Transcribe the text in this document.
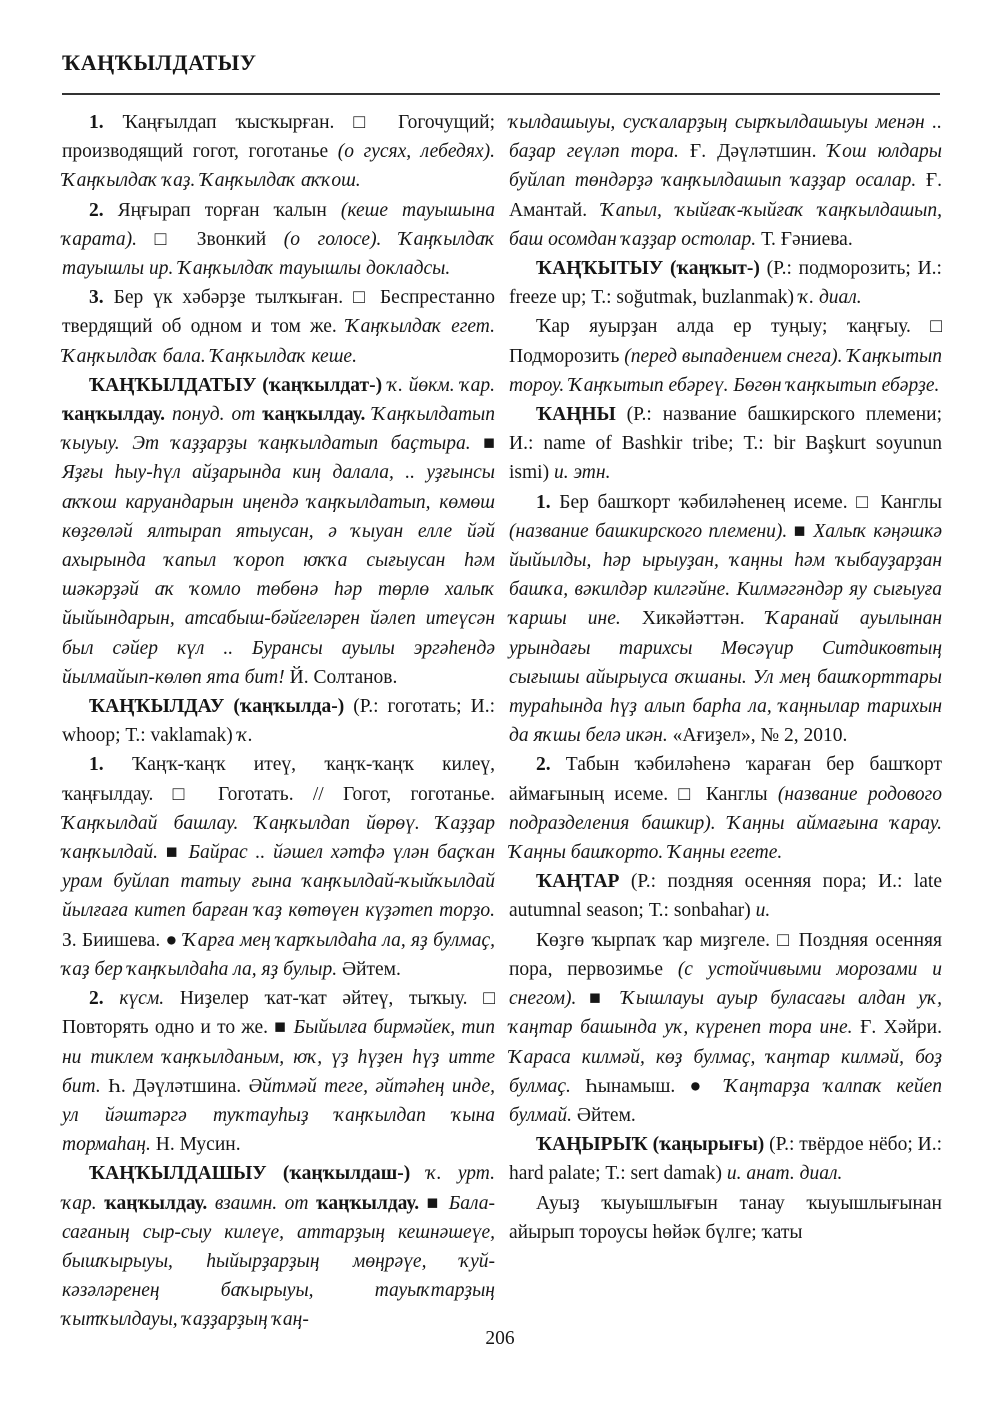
ҠАҢҠЫЛДАТЫУ

1. Ҡаңғылдап ҡысҡырған. □ Гогочущий; производящий гогот, гоготанье (о гусях, лебедях). Ҡаңҡылдаҡ ҡаҙ. Ҡаңҡылдаҡ аҡҡош.

2. Яңғырап торған ҡалын (кеше тауышына ҡарата). □ Звонкий (о голосе). Ҡаңҡылдаҡ тауышлы ир. Ҡаңҡылдаҡ тауышлы докладсы.

3. Бер үк хәбәрҙе тылҡыған. □ Беспрестанно твердящий об одном и том же. Ҡаңҡылдаҡ егет. Ҡаңҡылдаҡ бала. Ҡаңҡылдаҡ кеше.

ҠАҢҠЫЛДАТЫУ (ҡаңҡылдат-) ҡ. йөкм. ҡар. ҡаңҡылдау. понуд. от ҡаңҡылдау. Ҡаңҡылдатып ҡыуыу. Эт ҡаҙҙарҙы ҡаңҡылдатып баҫтыра. ■ Яҙғы һыу-һүл айҙарында киң далала, .. уҙғынсы аҡҡош каруандарын иңендә ҡаңҡылдатып, көмөш көҙгөләй ялтырап ятыусан, ә ҡыуан елле йәй ахырында ҡапыл ҡороп юҡҡа сығыусан һәм шәкәрҙәй аҡ ҡомло төбөнә һәр төрлө халыҡ йыйындарын, атсабыш-бәйгеләрен йәлеп итеүсән был сәйер күл .. Бурансы ауылы эргәһендә йылмайып-көлөп ята бит! Й. Солтанов.

ҠАҢҠЫЛДАУ (ҡаңҡылда-) (Р.: гоготать; И.: whoop; Т.: vaklamak) ҡ.

1. Ҡаңҡ-ҡаңҡ итеү, ҡаңҡ-ҡаңҡ килеү, ҡаңғылдау. □ Гоготать. // Гогот, гоготанье. Ҡаңҡылдай башлау. Ҡаңҡылдап йөрөү. Ҡаҙҙар ҡаңҡылдай. ■ Байрас .. йәшел хәтфә үлән баҫҡан урам буйлап татыу ғына ҡаңҡылдай-ҡыйҡылдай йылғаға китеп барған ҡаҙ көтөүен күҙәтеп торҙо. З. Биишева. ● Ҡарға мең ҡарҡылдаһа ла, яҙ булмаҫ, ҡаҙ бер ҡаңҡылдаһа ла, яҙ булыр. Әйтем.

2. күсм. Ниҙелер ҡат-ҡат әйтеү, тыҡыу. □ Повторять одно и то же. ■ Быйылға бирмәйек, тип ни тиклем ҡаңҡылданым, юҡ, үҙ һүҙен һүҙ итте бит. Һ. Дәүләтшина. Әйтмәй теге, әйтәһең инде, ул йәштәргә туҡтауһыҙ ҡаңҡылдап ҡына тормаһаң. Н. Мусин.

ҠАҢҠЫЛДАШЫУ (ҡаңҡылдаш-) ҡ. урт. ҡар. ҡаңҡылдау. взаимн. от ҡаңҡылдау. ■ Бала-сағаның сыр-сыу килеүе, аттарҙың кешнәшеүе, бышҡырыуы, һыйырҙарҙың мөңрәүе, ҡуй-кәзәләренең баҡырыуы, тауыҡтарҙың ҡытҡылдауы, ҡаҙҙарҙың ҡаң-

ҡылдашыуы, сусҡаларҙың сырҡылдашыуы менән .. баҙар геүләп тора. Ғ. Дәүләтшин. Ҡош юлдары буйлап төндәрҙә ҡаңҡылдашып ҡаҙҙар осалар. Ғ. Амантай. Ҡапыл, ҡыйғаҡ-ҡыйғаҡ ҡаңҡылдашып, баш осомдан ҡаҙҙар остолар. Т. Ғәниева.

ҠАҢҠЫТЫУ (ҡаңҡыт-) (Р.: подморозить; И.: freeze up; Т.: soğutmak, buzlanmak) ҡ. диал.

Ҡар яуырҙан алда ер туңыу; ҡаңғыу. □ Подморозить (перед выпадением снега). Ҡаңҡытып тороу. Ҡаңҡытып ебәреү. Бөгөн ҡаңҡытып ебәрҙе.

ҠАҢНЫ (Р.: название башкирского племени; И.: name of Bashkir tribe; Т.: bir Başkurt soyunun ismi) и. этн.

1. Бер башҡорт ҡәбиләһенең исеме. □ Канглы (название башкирского племени). ■ Халыҡ кәңәшкә йыйылды, һәр ырыуҙан, ҡаңны һәм ҡыбауҙарҙан башҡа, вәкилдәр килгәйне. Килмәгәндәр яу сығыуға ҡаршы ине. Хикәйәттән. Ҡаранай ауылынан урындағы тарихсы Мөсәүир Ситдиковтың сығышы айырыуса оҡшаны. Ул мең башҡорттары тураһында һүҙ алып барһа ла, ҡаңнылар тарихын да яҡшы белә икән. «Ағиҙел», № 2, 2010.

2. Табын ҡәбиләһенә ҡараған бер башҡорт аймағының исеме. □ Канглы (название родового подразделения башкир). Ҡаңны аймағына ҡарау. Ҡаңны башҡорто. Ҡаңны егете.

ҠАҢТАР (Р.: поздняя осенняя пора; И.: late autumnal season; Т.: sonbahar) и.

Көҙгө ҡырпаҡ ҡар миҙгеле. □ Поздняя осенняя пора, первозимье (с устойчивыми морозами и снегом). ■ Ҡышлауы ауыр буласағы алдан уҡ, ҡаңтар башында уҡ, күренеп тора ине. Ғ. Хәйри. Ҡараса килмәй, көҙ булмаҫ, ҡаңтар килмәй, боҙ булмаҫ. Һынамыш. ● Ҡаңтарҙа ҡалпаҡ кейеп булмай. Әйтем.

ҠАҢЫРЫҠ (ҡаңырығы) (Р.: твёрдое нёбо; И.: hard palate; Т.: sert damak) и. анат. диал.

Ауыҙ ҡыуышлығын танау ҡыуышлығынан айырып тороусы һөйәк бүлге; ҡаты

206
